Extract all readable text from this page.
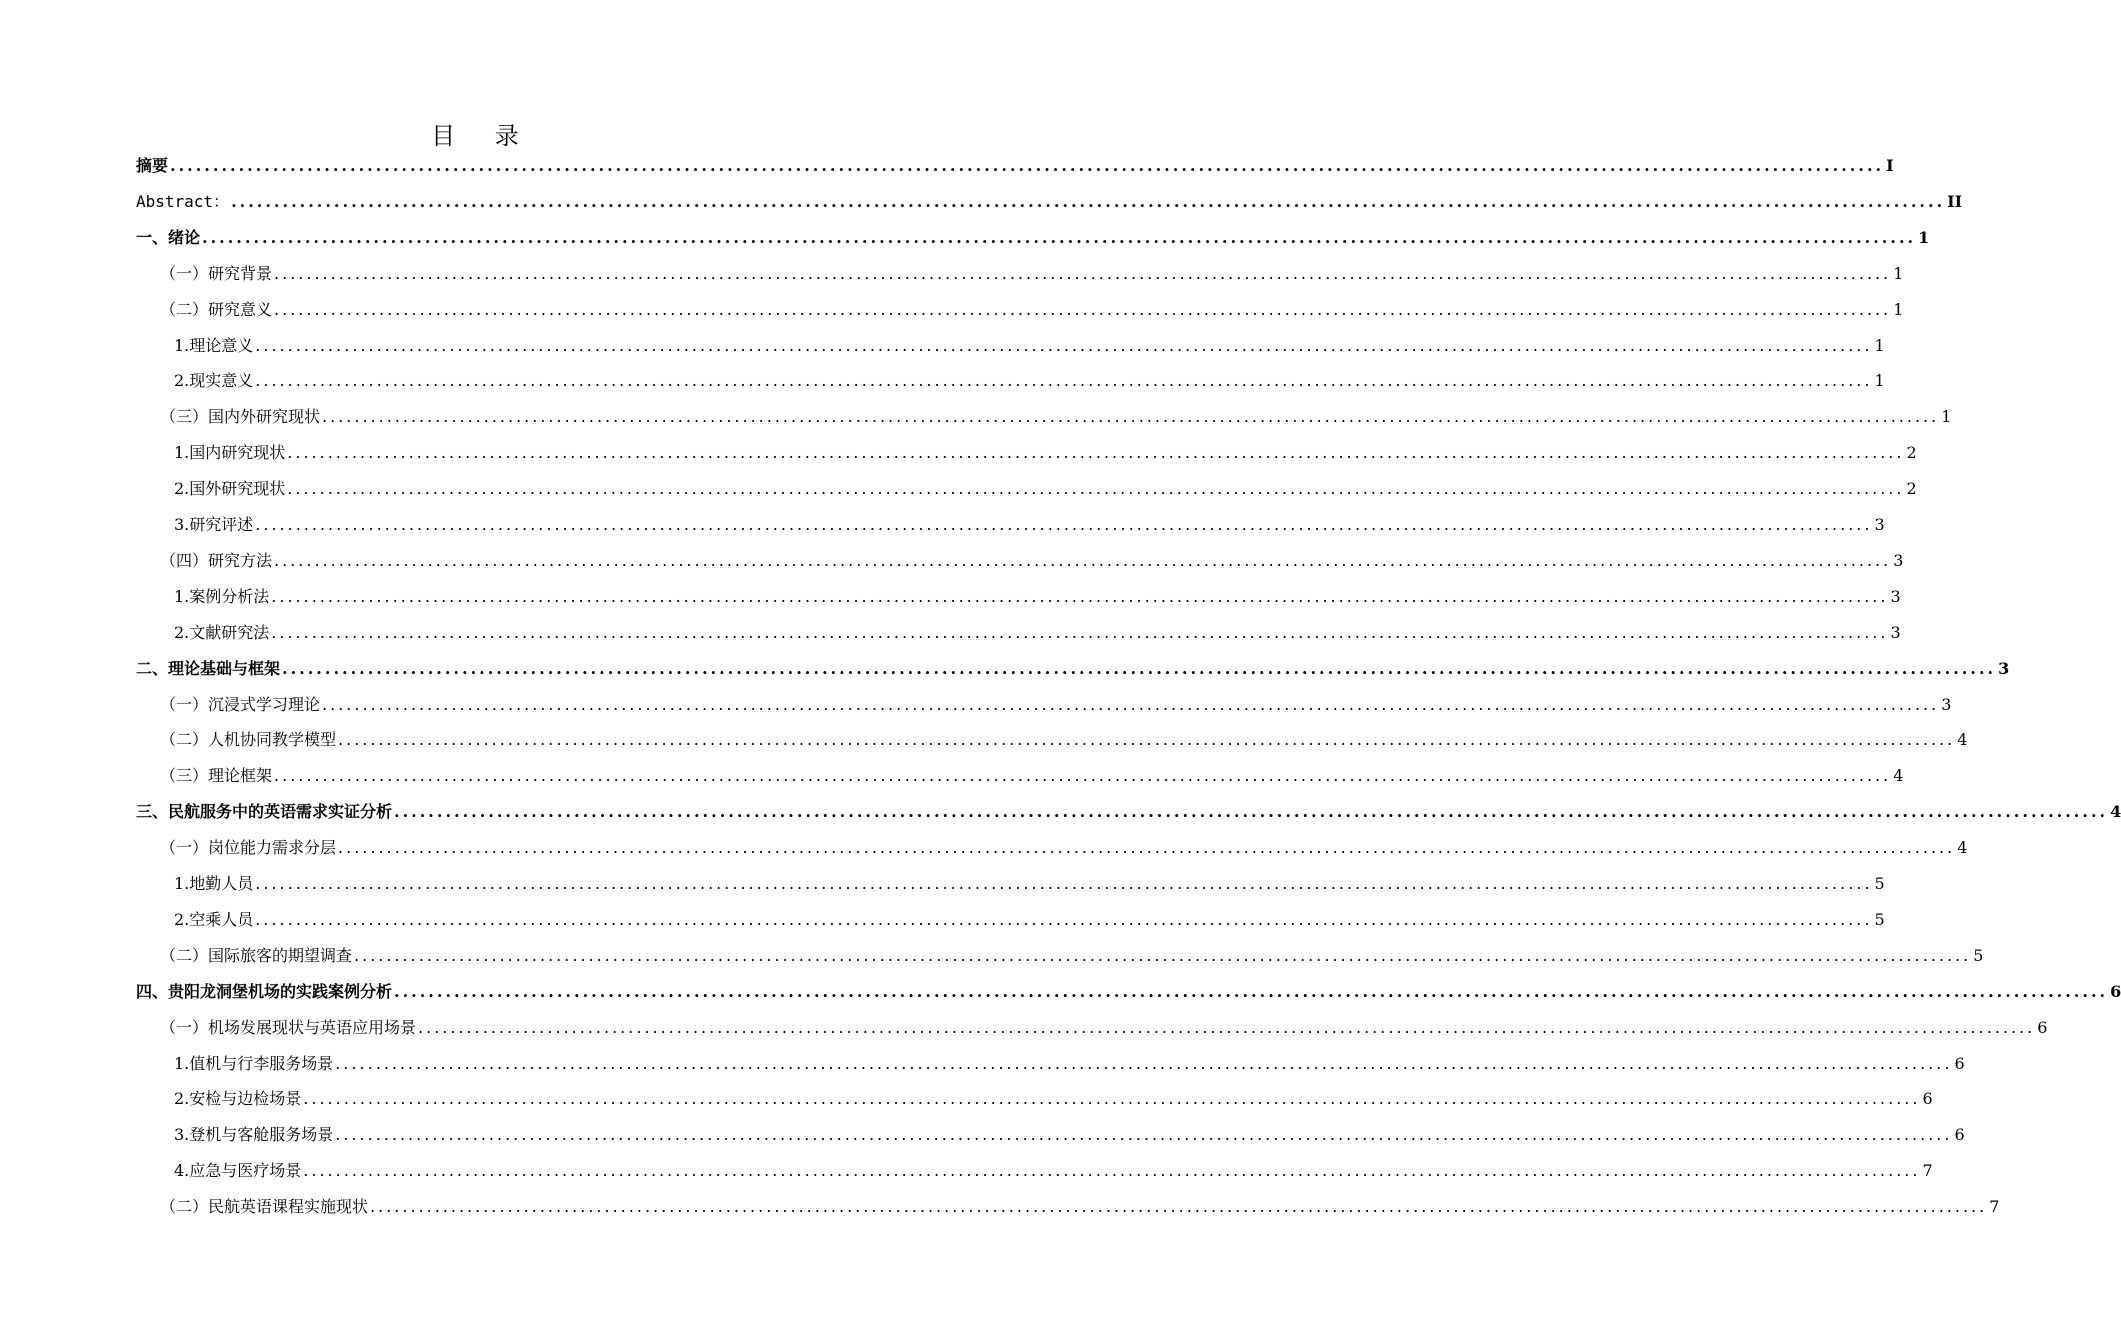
目 录
摘要 ........................................................................................................................................................................................................ I
Abstract： ........................................................................................................................................................................................................ II
一、绪论 ........................................................................................................................................................................................................ 1
（一）研究背景 ........................................................................................................................................................................................................ 1
（二）研究意义 ........................................................................................................................................................................................................ 1
1.理论意义 ........................................................................................................................................................................................................ 1
2.现实意义 ........................................................................................................................................................................................................ 1
（三）国内外研究现状 ........................................................................................................................................................................................................ 1
1.国内研究现状 ........................................................................................................................................................................................................ 2
2.国外研究现状 ........................................................................................................................................................................................................ 2
3.研究评述 ........................................................................................................................................................................................................ 3
（四）研究方法 ........................................................................................................................................................................................................ 3
1.案例分析法 ........................................................................................................................................................................................................ 3
2.文献研究法 ........................................................................................................................................................................................................ 3
二、理论基础与框架 ........................................................................................................................................................................................................ 3
（一）沉浸式学习理论 ........................................................................................................................................................................................................ 3
（二）人机协同教学模型 ........................................................................................................................................................................................................ 4
（三）理论框架 ........................................................................................................................................................................................................ 4
三、民航服务中的英语需求实证分析 ........................................................................................................................................................................................................ 4
（一）岗位能力需求分层 ........................................................................................................................................................................................................ 4
1.地勤人员 ........................................................................................................................................................................................................ 5
2.空乘人员 ........................................................................................................................................................................................................ 5
（二）国际旅客的期望调查 ........................................................................................................................................................................................................ 5
四、贵阳龙洞堡机场的实践案例分析 ........................................................................................................................................................................................................ 6
（一）机场发展现状与英语应用场景 ........................................................................................................................................................................................................ 6
1.值机与行李服务场景 ........................................................................................................................................................................................................ 6
2.安检与边检场景 ........................................................................................................................................................................................................ 6
3.登机与客舱服务场景 ........................................................................................................................................................................................................ 6
4.应急与医疗场景 ........................................................................................................................................................................................................ 7
（二）民航英语课程实施现状 ........................................................................................................................................................................................................ 7
